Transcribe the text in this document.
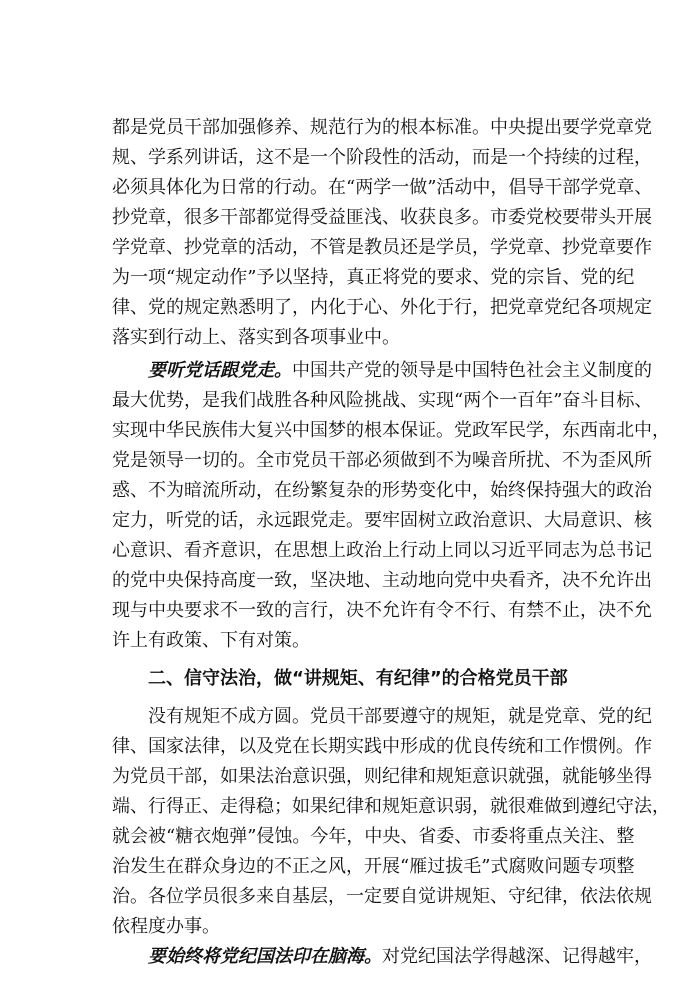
都是党员干部加强修养、规范行为的根本标准。中央提出要学党章党

规、学系列讲话，这不是一个阶段性的活动，而是一个持续的过程，

必须具体化为日常的行动。在“两学一做”活动中，倡导干部学党章、

抄党章，很多干部都觉得受益匪浅、收获良多。市委党校要带头开展

学党章、抄党章的活动，不管是教员还是学员，学党章、抄党章要作

为一项“规定动作”予以坚持，真正将党的要求、党的宗旨、党的纪

律、党的规定熟悉明了，内化于心、外化于行，把党章党纪各项规定

落实到行动上、落实到各项事业中。

要听党话跟党走。中国共产党的领导是中国特色社会主义制度的

最大优势，是我们战胜各种风险挑战、实现“两个一百年”奋斗目标、

实现中华民族伟大复兴中国梦的根本保证。党政军民学，东西南北中，

党是领导一切的。全市党员干部必须做到不为噪音所扰、不为歪风所

惑、不为暗流所动，在纷繁复杂的形势变化中，始终保持强大的政治

定力，听党的话，永远跟党走。要牢固树立政治意识、大局意识、核

心意识、看齐意识，在思想上政治上行动上同以习近平同志为总书记

的党中央保持高度一致，坚决地、主动地向党中央看齐，决不允许出

现与中央要求不一致的言行，决不允许有令不行、有禁不止，决不允

许上有政策、下有对策。

二、信守法治，做“讲规矩、有纪律”的合格党员干部

没有规矩不成方圆。党员干部要遵守的规矩，就是党章、党的纪

律、国家法律，以及党在长期实践中形成的优良传统和工作惯例。作

为党员干部，如果法治意识强，则纪律和规矩意识就强，就能够坐得

端、行得正、走得稳；如果纪律和规矩意识弱，就很难做到遵纪守法，

就会被“糖衣炮弹”侵蚀。今年，中央、省委、市委将重点关注、整

治发生在群众身边的不正之风，开展“雁过拔毛”式腐败问题专项整

治。各位学员很多来自基层，一定要自觉讲规矩、守纪律，依法依规

依程度办事。

要始终将党纪国法印在脑海。对党纪国法学得越深、记得越牢，
